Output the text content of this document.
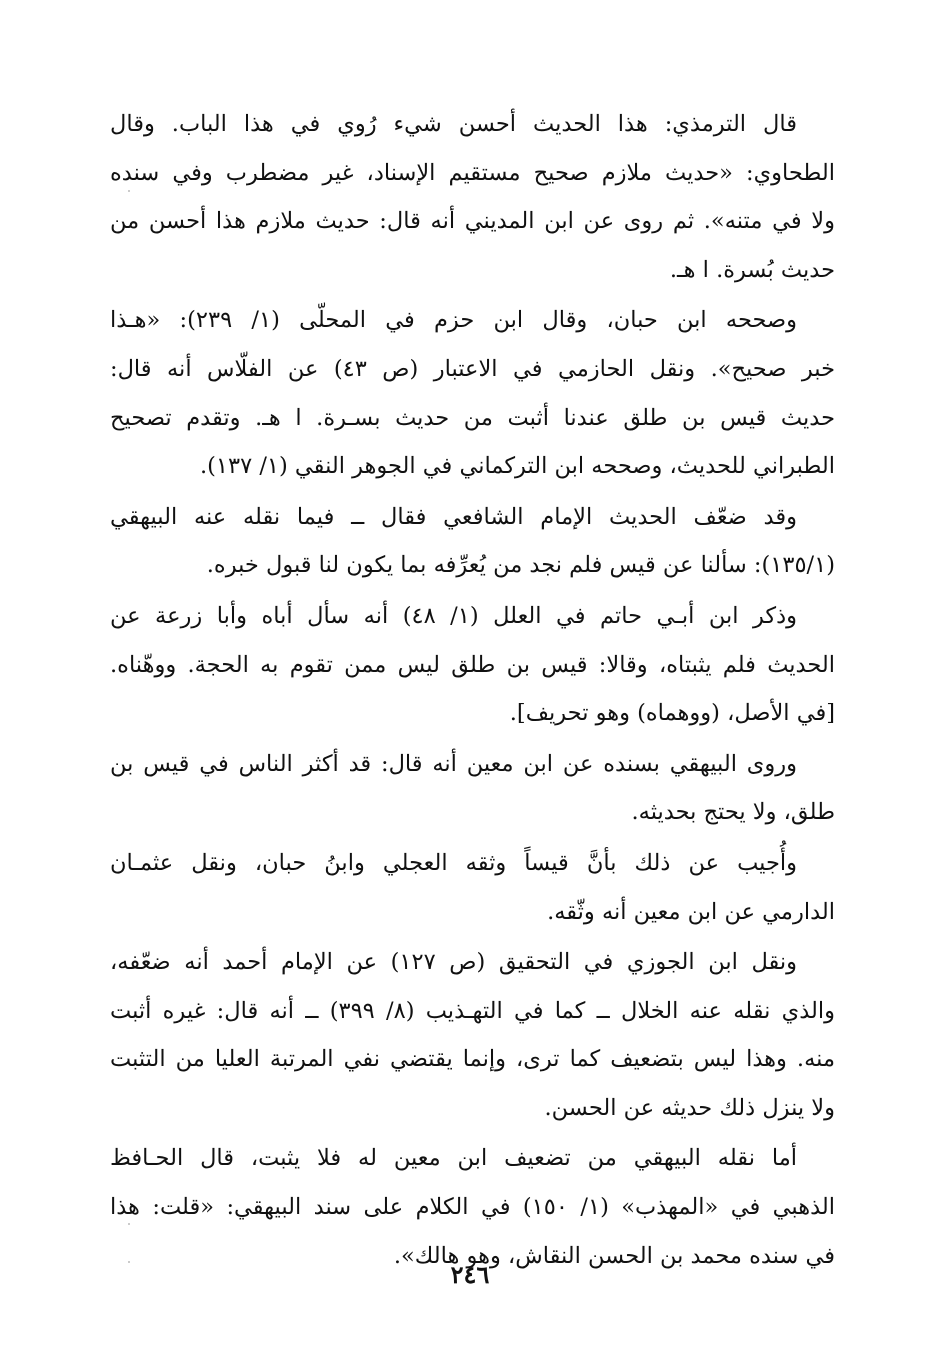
قال الترمذي: هذا الحديث أحسن شيء رُوي في هذا الباب. وقال
الطحاوي: «حديث ملازم صحيح مستقيم الإسناد، غير مضطرب وفي سنده
ولا في متنه». ثم روى عن ابن المديني أنه قال: حديث ملازم هذا أحسن من
حديث بُسرة. ا هـ.
وصححه ابن حبان، وقال ابن حزم في المحلّى (١/ ٢٣٩): «هـذا
خبر صحيح». ونقل الحازمي في الاعتبار (ص ٤٣) عن الفلّاس أنه قال:
حديث قيس بن طلق عندنا أثبت من حديث بسـرة. ا هـ. وتقدم تصحيح
الطبراني للحديث، وصححه ابن التركماني في الجوهر النقي (١/ ١٣٧).
وقد ضعّف الحديث الإمام الشافعي فقال ــ فيما نقله عنه البيهقي
(١٣٥/١): سألنا عن قيس فلم نجد من يُعرِّفه بما يكون لنا قبول خبره.
وذكر ابن أبـي حاتم في العلل (١/ ٤٨) أنه سأل أباه وأبا زرعة عن
الحديث فلم يثبتاه، وقالا: قيس بن طلق ليس ممن تقوم به الحجة. ووهّناه.
[في الأصل، (ووهماه) وهو تحريف].
وروى البيهقي بسنده عن ابن معين أنه قال: قد أكثر الناس في قيس بن
طلق، ولا يحتج بحديثه.
وأُجيب عن ذلك بأنَّ قيساً وثقه العجلي وابنُ حبان، ونقل عثمـان
الدارمي عن ابن معين أنه وثّقه.
ونقل ابن الجوزي في التحقيق (ص ١٢٧) عن الإمام أحمد أنه ضعّفه،
والذي نقله عنه الخلال ــ كما في التهـذيب (٨/ ٣٩٩) ــ أنه قال: غيره أثبت
منه. وهذا ليس بتضعيف كما ترى، وإنما يقتضي نفي المرتبة العليا من التثبت
ولا ينزل ذلك حديثه عن الحسن.
أما نقله البيهقي من تضعيف ابن معين له فلا يثبت، قال الحـافظ
الذهبي في «المهذب» (١/ ١٥٠) في الكلام على سند البيهقي: «قلت: هذا
في سنده محمد بن الحسن النقاش، وهو هالك».
٢٤٦
